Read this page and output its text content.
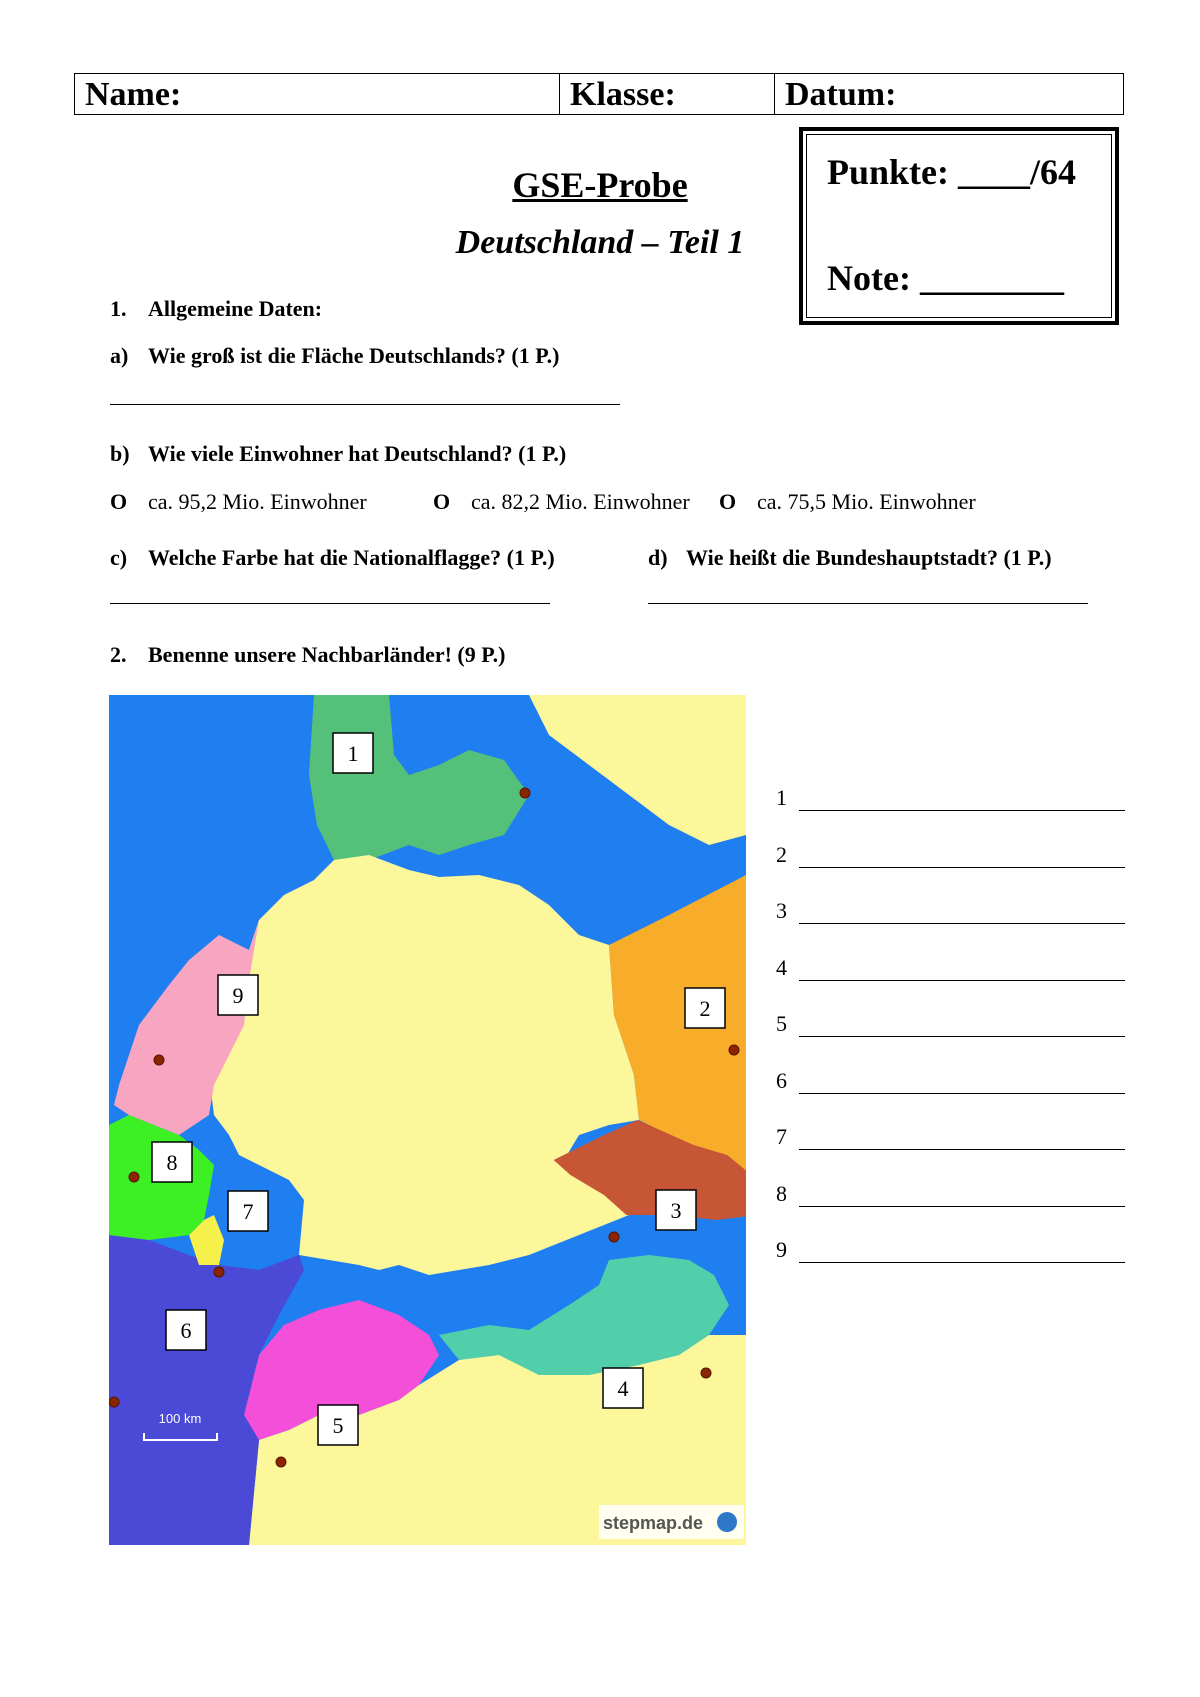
Name:	Klasse:	Datum:
Punkte: ____/64
Note: ________
GSE-Probe
Deutschland – Teil 1
1. Allgemeine Daten:
a) Wie groß ist die Fläche Deutschlands? (1 P.)
b) Wie viele Einwohner hat Deutschland? (1 P.)
O ca. 95,2 Mio. Einwohner	O ca. 82,2 Mio. Einwohner O ca. 75,5 Mio. Einwohner
c) Welche Farbe hat die Nationalflagge? (1 P.)	d) Wie heißt die Bundeshauptstadt? (1 P.)
2. Benenne unsere Nachbarländer! (9 P.)
100 km
stepmap.de
1
2
3
4
5
6
7
8
9
1
2
3
4
5
6
7
8
9
